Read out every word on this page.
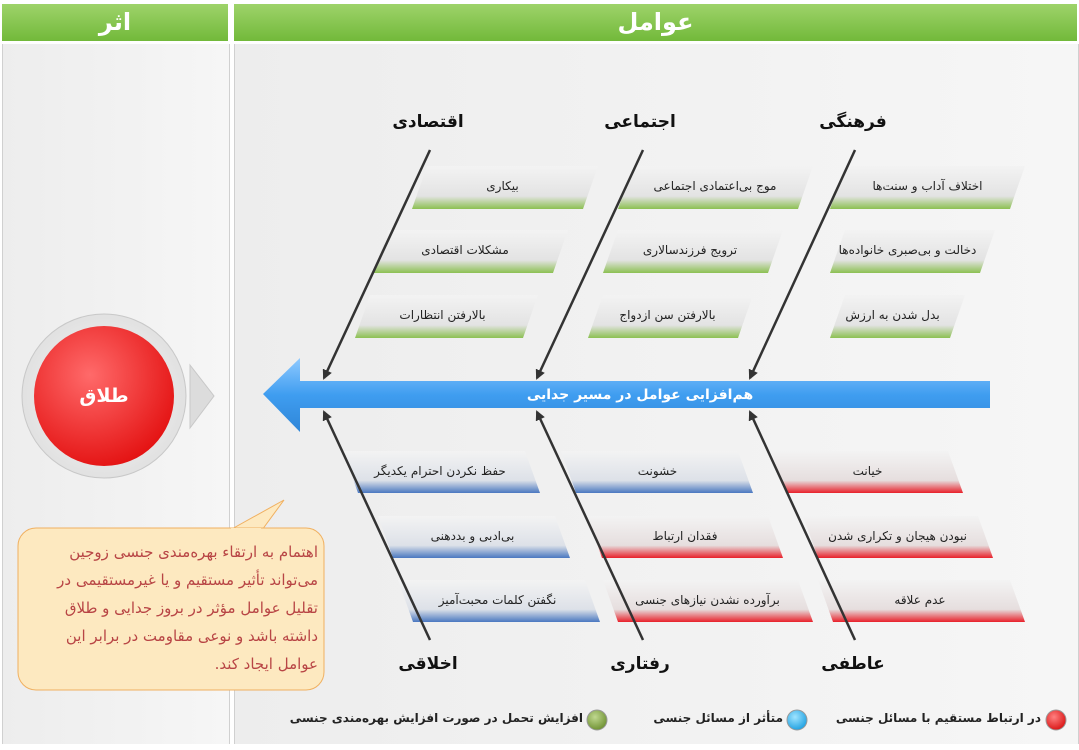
اثر	عوامل
طلاق	هم‌افزایی عوامل در مسیر جدایی
اهتمام به ارتقاء بهره‌مندی جنسی زوجین می‌تواند تأثیر مستقیم و یا غیرمستقیمی در تقلیل عوامل مؤثر در بروز جدایی و طلاق داشته باشد و نوعی مقاومت در برابر این عوامل ایجاد کند.
فرهنگی
اجتماعی
اقتصادی
عاطفی
رفتاری
اخلاقی
اختلاف آداب و سنت‌ها
دخالت و بی‌صبری خانواده‌ها
بدل شدن به ارزش
موج بی‌اعتمادی اجتماعی
ترویج فرزندسالاری
بالارفتن سن ازدواج
بیکاری
مشکلات اقتصادی
بالارفتن انتظارات
خیانت
نبودن هیجان و تکراری شدن
عدم علاقه
خشونت
فقدان ارتباط
برآورده نشدن نیازهای جنسی
حفظ نکردن احترام یکدیگر
بی‌ادبی و بددهنی
نگفتن کلمات محبت‌آمیز
در ارتباط مستقیم با مسائل جنسی
متأثر از مسائل جنسی
افزایش تحمل در صورت افزایش بهره‌مندی جنسی
